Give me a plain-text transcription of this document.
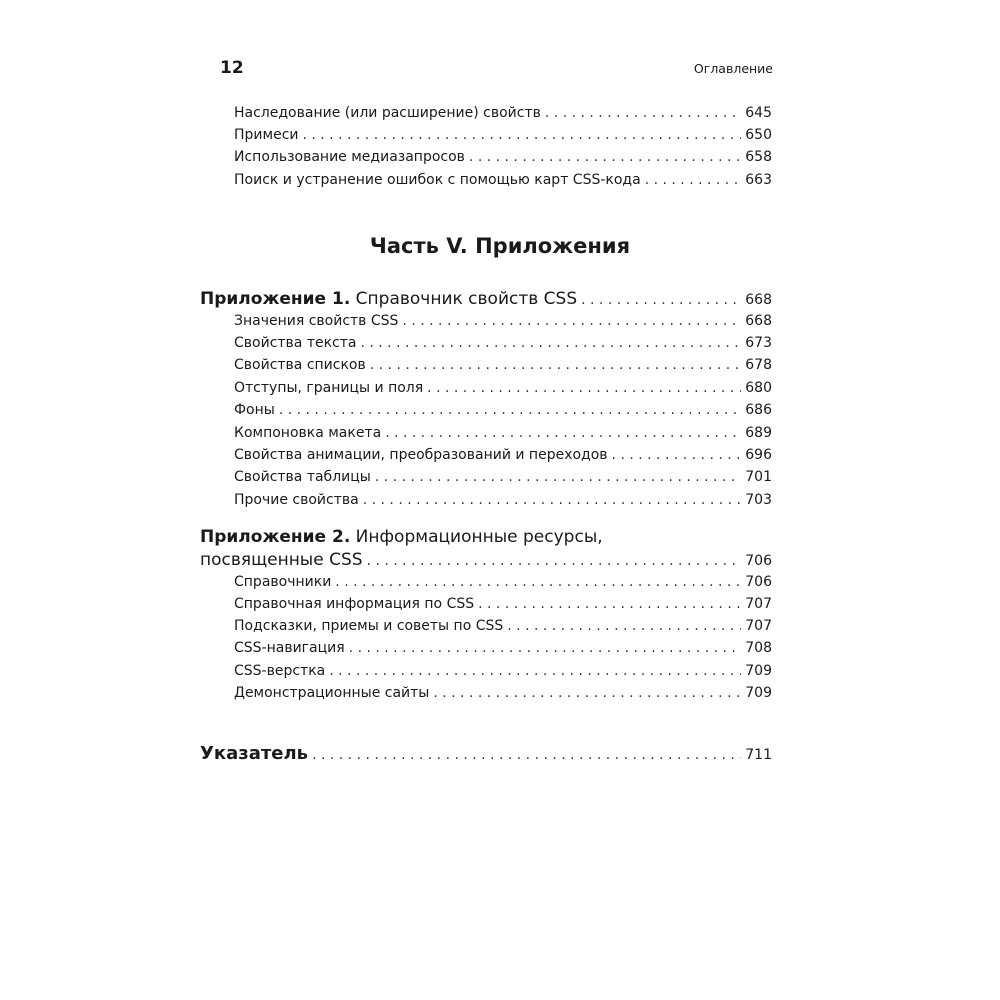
12	Оглавление
Наследование (или расширение) свойств . . .	645
Примеси . . .	650
Использование медиазапросов . . .	658
Поиск и устранение ошибок с помощью карт CSS-кода . . .	663
Часть V. Приложения
Приложение 1. Справочник свойств CSS . . .	668
Значения свойств CSS . . .	668
Свойства текста . . .	673
Свойства списков . . .	678
Отступы, границы и поля . . .	680
Фоны . . .	686
Компоновка макета . . .	689
Свойства анимации, преобразований и переходов . . .	696
Свойства таблицы . . .	701
Прочие свойства . . .	703
Приложение 2. Информационные ресурсы,
посвященные CSS . . .	706
Справочники . . .	706
Справочная информация по CSS . . .	707
Подсказки, приемы и советы по CSS . . .	707
CSS-навигация . . .	708
CSS-верстка . . .	709
Демонстрационные сайты . . .	709
Указатель . . .	711
